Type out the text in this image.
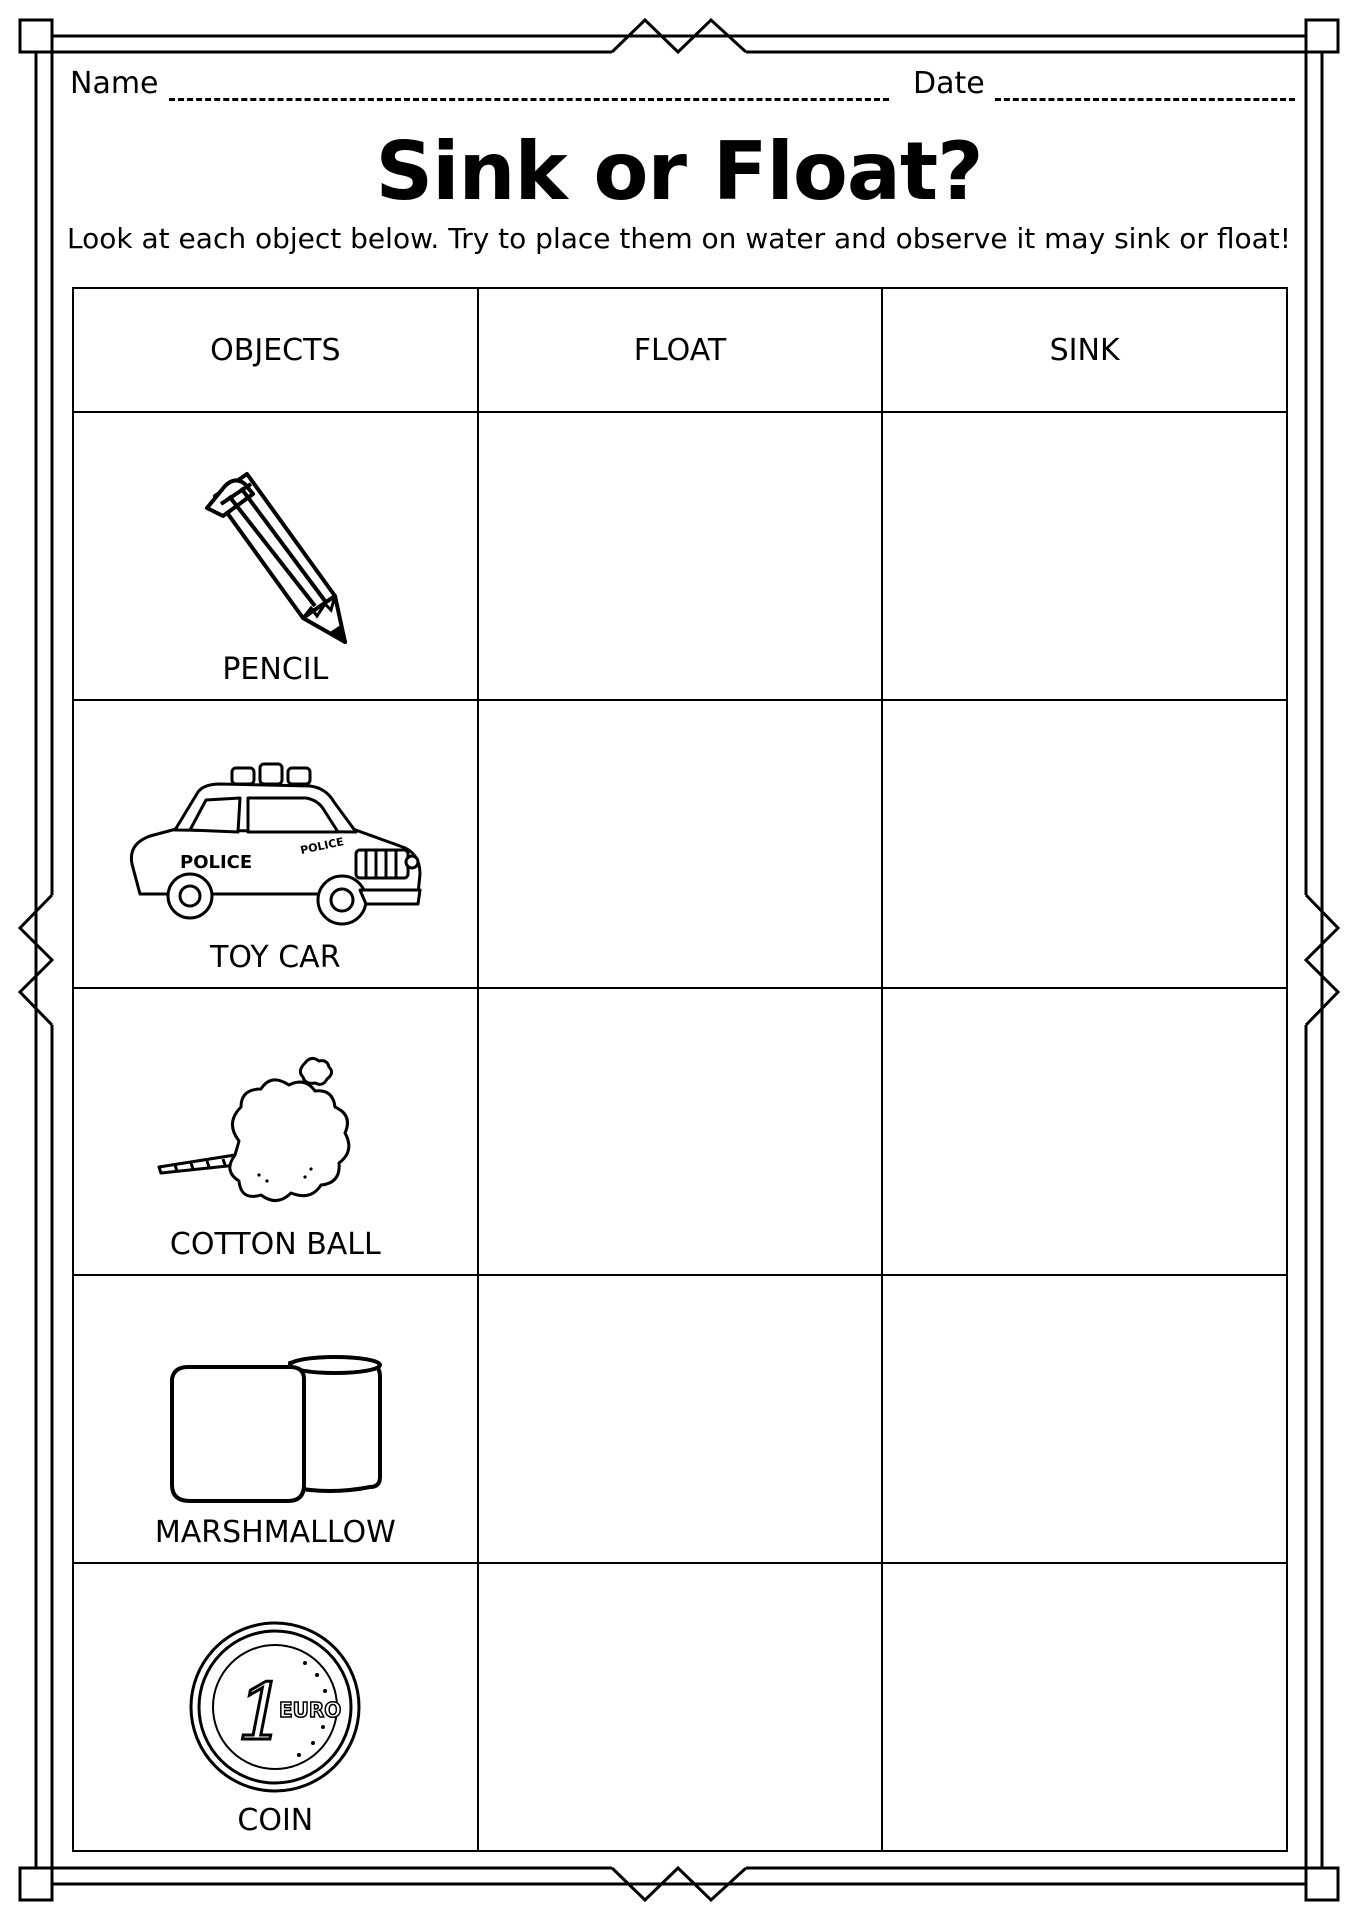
Name	Date
Sink or Float?
Look at each object below. Try to place them on water and observe it may sink or float!
OBJECTS	FLOAT	SINK

PENCIL		

POLICE
POLICE
TOY CAR		

COTTON BALL		

MARSHMALLOW		

1
EURO
COIN		
